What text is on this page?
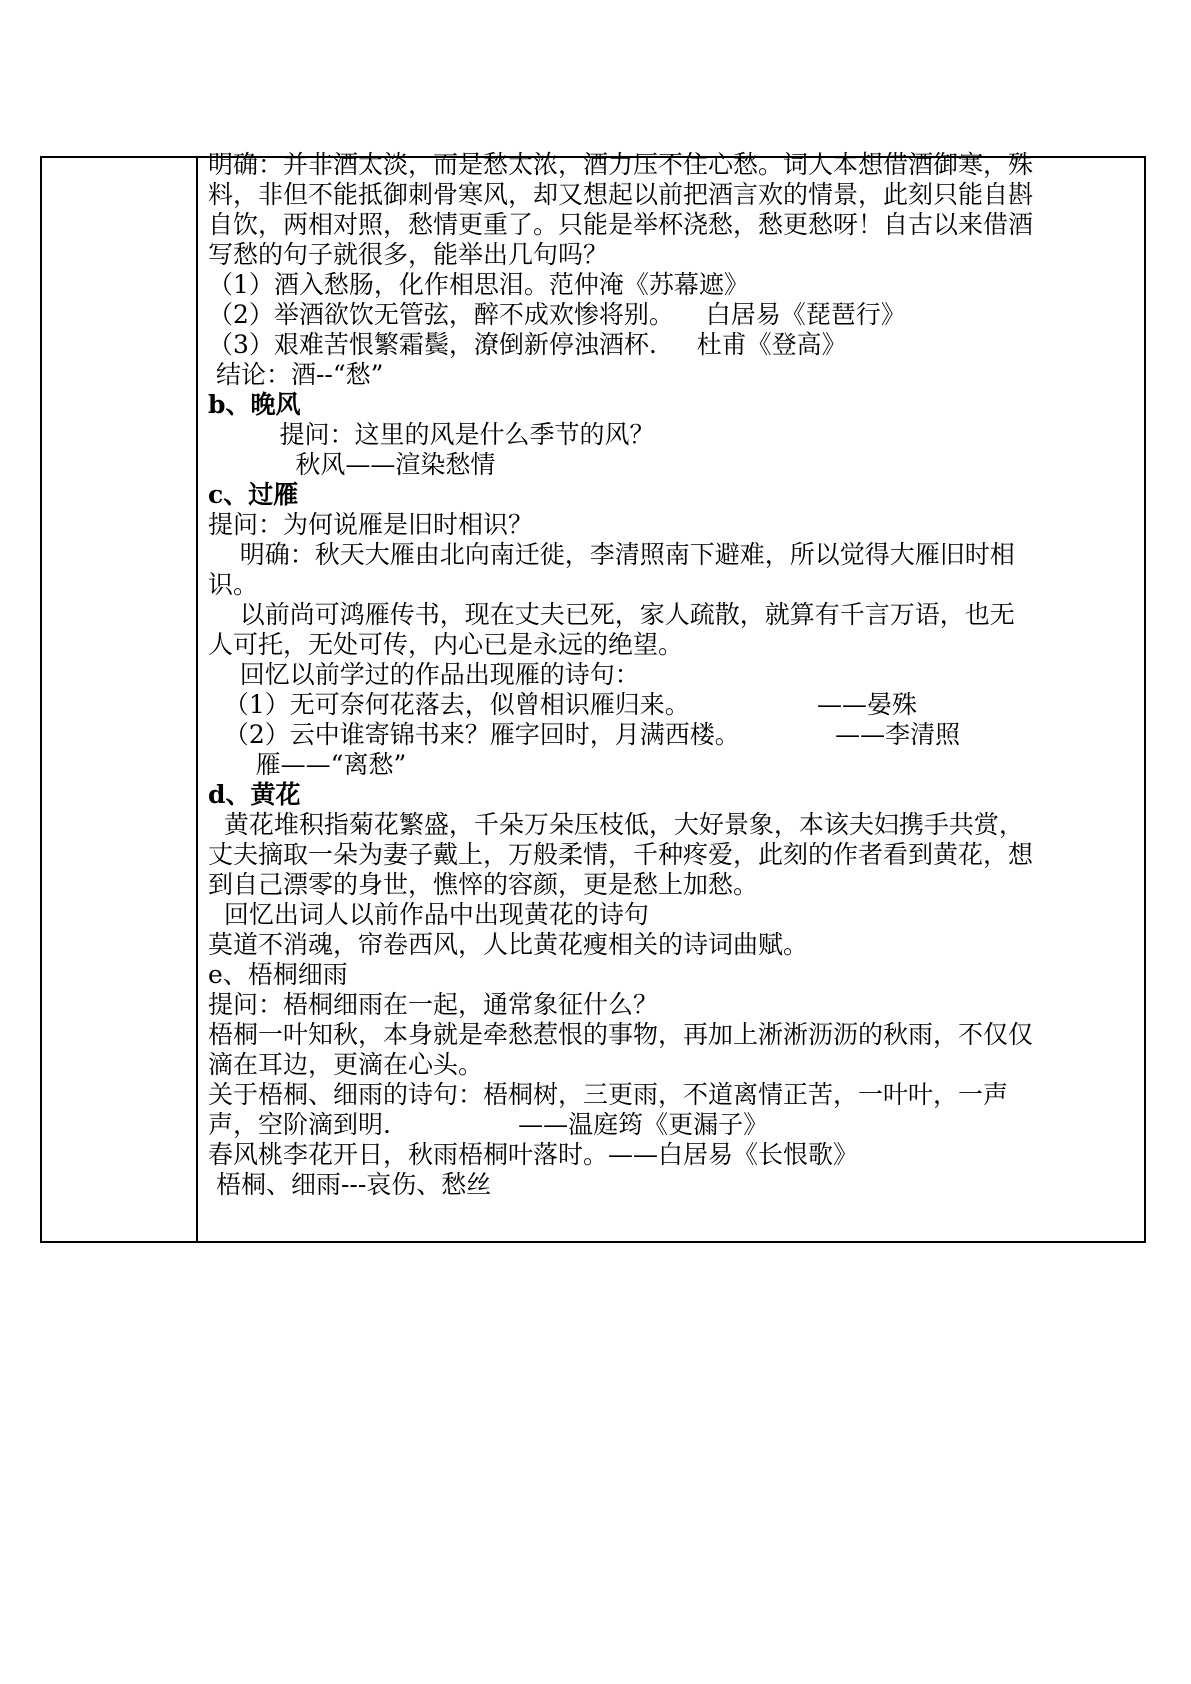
明确：并非酒太淡，而是愁太浓，酒力压不住心愁。词人本想借酒御寒，殊
料，非但不能抵御刺骨寒风，却又想起以前把酒言欢的情景，此刻只能自斟
自饮，两相对照，愁情更重了。只能是举杯浇愁，愁更愁呀！自古以来借酒
写愁的句子就很多，能举出几句吗？
（1）酒入愁肠，化作相思泪。范仲淹《苏幕遮》
（2）举酒欲饮无管弦，醉不成欢惨将别。    白居易《琵琶行》
（3）艰难苦恨繁霜鬓，潦倒新停浊酒杯.     杜甫《登高》
结论：酒--“愁”
b、晚风
提问：这里的风是什么季节的风？
秋风——渲染愁情
c、过雁
提问：为何说雁是旧时相识？
明确：秋天大雁由北向南迁徙，李清照南下避难，所以觉得大雁旧时相
识。
以前尚可鸿雁传书，现在丈夫已死，家人疏散，就算有千言万语，也无
人可托，无处可传，内心已是永远的绝望。
回忆以前学过的作品出现雁的诗句：
（1）无可奈何花落去，似曾相识雁归来。                ——晏殊
（2）云中谁寄锦书来？雁字回时，月满西楼。            ——李清照
雁——“离愁”
d、黄花
黄花堆积指菊花繁盛，千朵万朵压枝低，大好景象，本该夫妇携手共赏，
丈夫摘取一朵为妻子戴上，万般柔情，千种疼爱，此刻的作者看到黄花，想
到自己漂零的身世，憔悴的容颜，更是愁上加愁。
回忆出词人以前作品中出现黄花的诗句
莫道不消魂，帘卷西风，人比黄花瘦相关的诗词曲赋。
e、梧桐细雨
提问：梧桐细雨在一起，通常象征什么？
梧桐一叶知秋，本身就是牵愁惹恨的事物，再加上淅淅沥沥的秋雨，不仅仅
滴在耳边，更滴在心头。
关于梧桐、细雨的诗句：梧桐树，三更雨，不道离情正苦，一叶叶，一声
声，空阶滴到明.                ——温庭筠《更漏子》
春风桃李花开日，秋雨梧桐叶落时。——白居易《长恨歌》
梧桐、细雨---哀伤、愁丝
